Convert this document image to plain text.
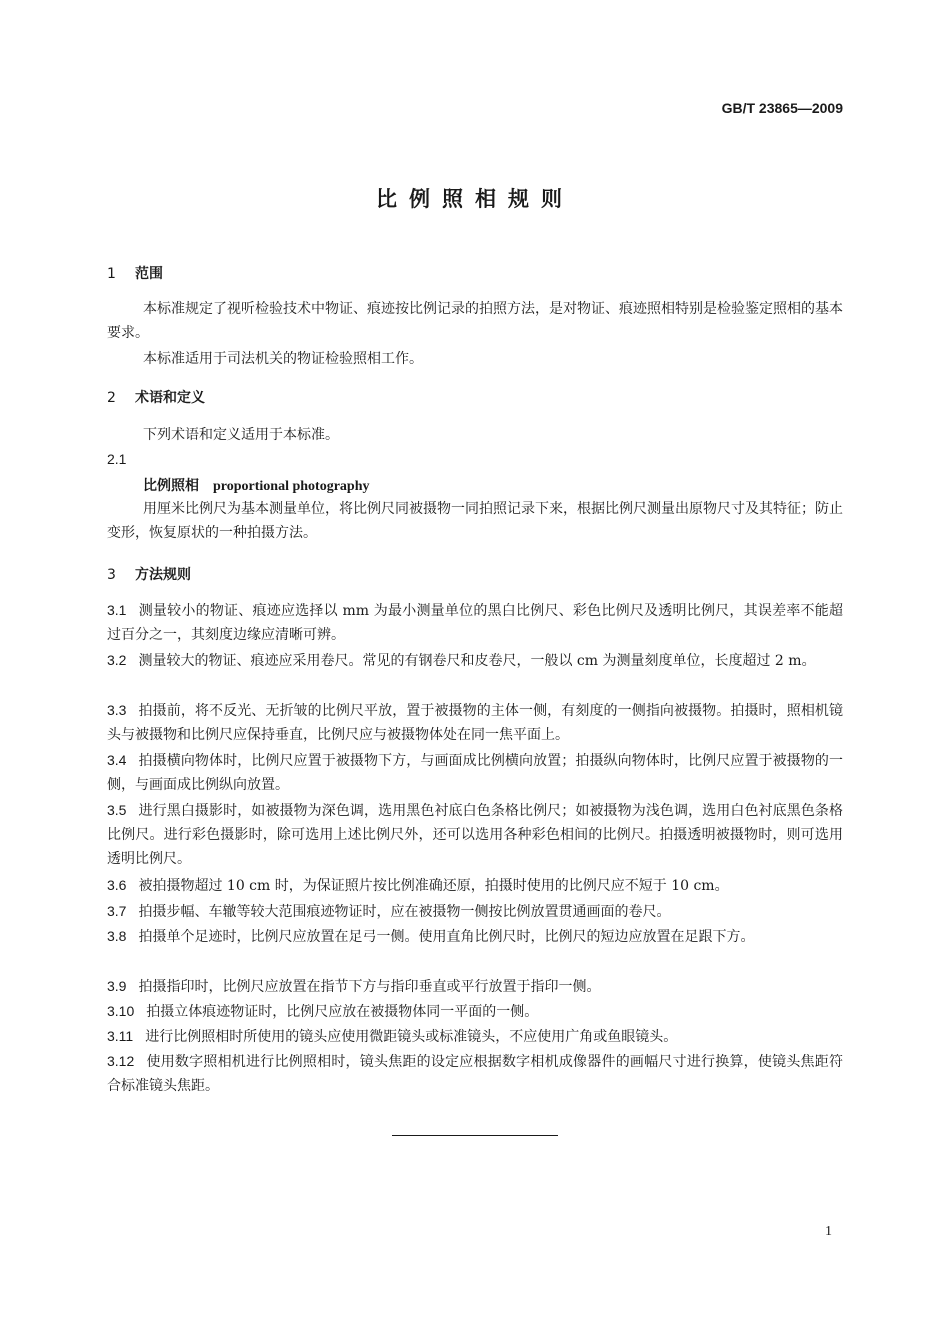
GB/T 23865—2009
比例照相规则
1 范围
本标准规定了视听检验技术中物证、痕迹按比例记录的拍照方法，是对物证、痕迹照相特别是检验鉴定照相的基本要求。
本标准适用于司法机关的物证检验照相工作。
2 术语和定义
下列术语和定义适用于本标准。
2.1
比例照相 proportional photography
用厘米比例尺为基本测量单位，将比例尺同被摄物一同拍照记录下来，根据比例尺测量出原物尺寸及其特征；防止变形，恢复原状的一种拍摄方法。
3 方法规则
3.1 测量较小的物证、痕迹应选择以 mm 为最小测量单位的黑白比例尺、彩色比例尺及透明比例尺，其误差率不能超过百分之一，其刻度边缘应清晰可辨。
3.2 测量较大的物证、痕迹应采用卷尺。常见的有钢卷尺和皮卷尺，一般以 cm 为测量刻度单位，长度超过 2 m。
3.3 拍摄前，将不反光、无折皱的比例尺平放，置于被摄物的主体一侧，有刻度的一侧指向被摄物。拍摄时，照相机镜头与被摄物和比例尺应保持垂直，比例尺应与被摄物体处在同一焦平面上。
3.4 拍摄横向物体时，比例尺应置于被摄物下方，与画面成比例横向放置；拍摄纵向物体时，比例尺应置于被摄物的一侧，与画面成比例纵向放置。
3.5 进行黑白摄影时，如被摄物为深色调，选用黑色衬底白色条格比例尺；如被摄物为浅色调，选用白色衬底黑色条格比例尺。进行彩色摄影时，除可选用上述比例尺外，还可以选用各种彩色相间的比例尺。拍摄透明被摄物时，则可选用透明比例尺。
3.6 被拍摄物超过 10 cm 时，为保证照片按比例准确还原，拍摄时使用的比例尺应不短于 10 cm。
3.7 拍摄步幅、车辙等较大范围痕迹物证时，应在被摄物一侧按比例放置贯通画面的卷尺。
3.8 拍摄单个足迹时，比例尺应放置在足弓一侧。使用直角比例尺时，比例尺的短边应放置在足跟下方。
3.9 拍摄指印时，比例尺应放置在指节下方与指印垂直或平行放置于指印一侧。
3.10 拍摄立体痕迹物证时，比例尺应放在被摄物体同一平面的一侧。
3.11 进行比例照相时所使用的镜头应使用微距镜头或标准镜头，不应使用广角或鱼眼镜头。
3.12 使用数字照相机进行比例照相时，镜头焦距的设定应根据数字相机成像器件的画幅尺寸进行换算，使镜头焦距符合标准镜头焦距。
1
